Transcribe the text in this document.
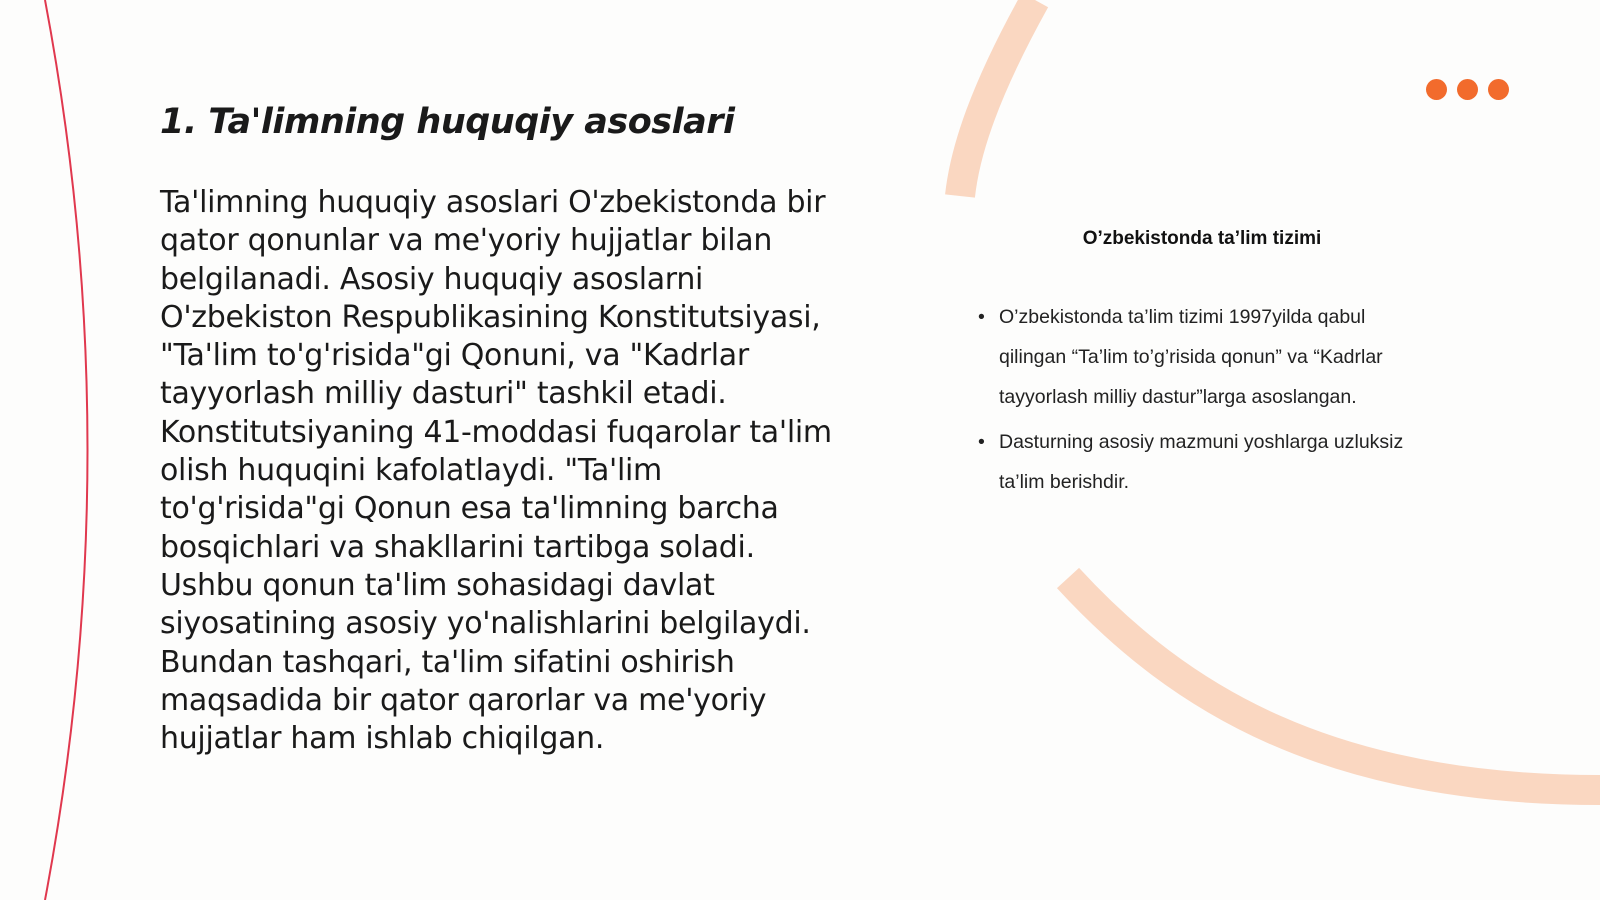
1. Ta'limning huquqiy asoslari

Ta'limning huquqiy asoslari O'zbekistonda bir qator qonunlar va me'yoriy hujjatlar bilan belgilanadi. Asosiy huquqiy asoslarni O'zbekiston Respublikasining Konstitutsiyasi, "Ta'lim to'g'risida"gi Qonuni, va "Kadrlar tayyorlash milliy dasturi" tashkil etadi. Konstitutsiyaning 41-moddasi fuqarolar ta'lim olish huquqini kafolatlaydi. "Ta'lim to'g'risida"gi Qonun esa ta'limning barcha bosqichlari va shakllarini tartibga soladi. Ushbu qonun ta'lim sohasidagi davlat siyosatining asosiy yo'nalishlarini belgilaydi. Bundan tashqari, ta'lim sifatini oshirish maqsadida bir qator qarorlar va me'yoriy hujjatlar ham ishlab chiqilgan.

O’zbekistonda ta’lim tizimi
• O’zbekistonda ta’lim tizimi 1997yilda qabul qilingan “Ta’lim to’g’risida qonun” va “Kadrlar tayyorlash milliy dastur”larga asoslangan.
• Dasturning asosiy mazmuni yoshlarga uzluksiz ta’lim berishdir.
